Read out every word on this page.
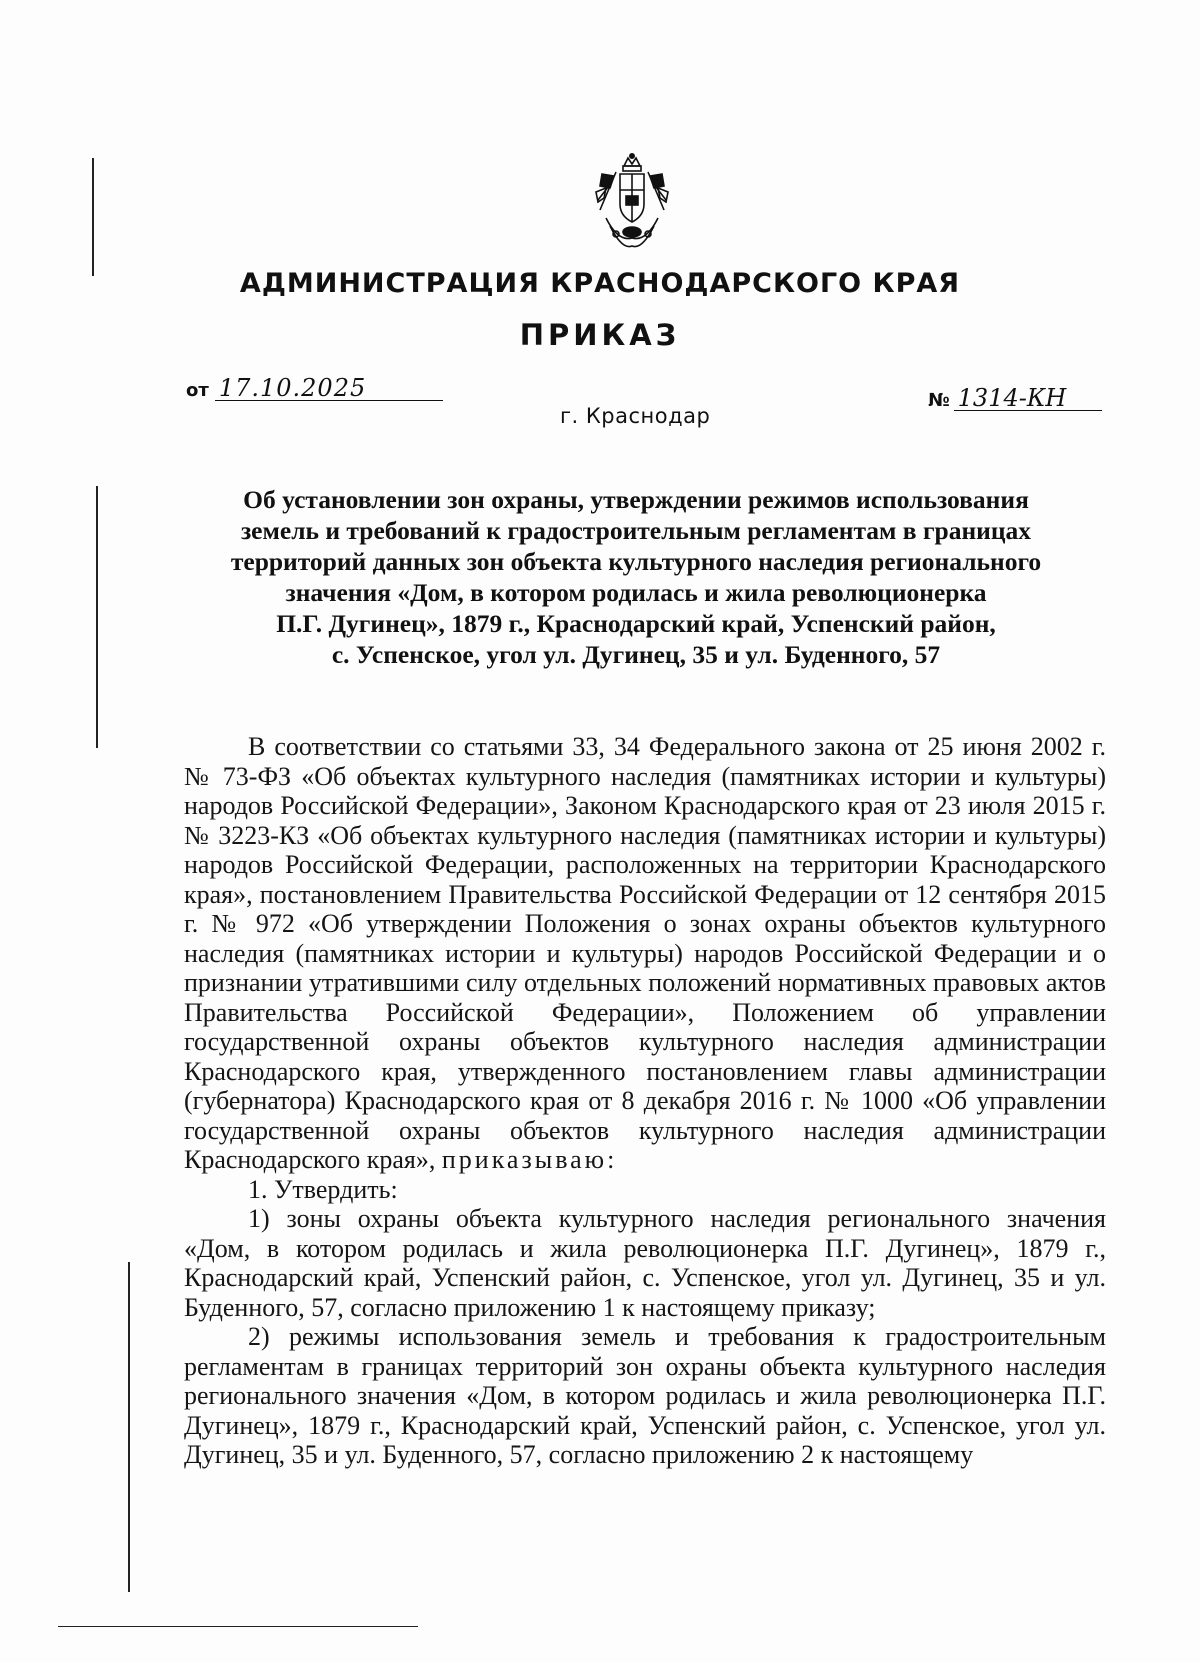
АДМИНИСТРАЦИЯ КРАСНОДАРСКОГО КРАЯ
ПРИКАЗ
от 17.10.2025	№ 1314-КН
г. Краснодар
Об установлении зон охраны, утверждении режимов использования
земель и требований к градостроительным регламентам в границах
территорий данных зон объекта культурного наследия регионального
значения «Дом, в котором родилась и жила революционерка
П.Г. Дугинец», 1879 г., Краснодарский край, Успенский район,
с. Успенское, угол ул. Дугинец, 35 и ул. Буденного, 57

В соответствии со статьями 33, 34 Федерального закона от 25 июня 2002 г. № 73-ФЗ «Об объектах культурного наследия (памятниках истории и культуры) народов Российской Федерации», Законом Краснодарского края от 23 июля 2015 г. № 3223-КЗ «Об объектах культурного наследия (памятниках истории и культуры) народов Российской Федерации, расположенных на территории Краснодарского края», постановлением Правительства Российской Федерации от 12 сентября 2015 г. № 972 «Об утверждении Положения о зонах охраны объектов культурного наследия (памятниках истории и культуры) народов Российской Федерации и о признании утратившими силу отдельных положений нормативных правовых актов Правительства Российской Федерации», Положением об управлении государственной охраны объектов культурного наследия администрации Краснодарского края, утвержденного постановлением главы администрации (губернатора) Краснодарского края от 8 декабря 2016 г. № 1000 «Об управлении государственной охраны объектов культурного наследия администрации Краснодарского края», приказываю:

1. Утвердить:

1) зоны охраны объекта культурного наследия регионального значения «Дом, в котором родилась и жила революционерка П.Г. Дугинец», 1879 г., Краснодарский край, Успенский район, с. Успенское, угол ул. Дугинец, 35 и ул. Буденного, 57, согласно приложению 1 к настоящему приказу;

2) режимы использования земель и требования к градостроительным регламентам в границах территорий зон охраны объекта культурного наследия регионального значения «Дом, в котором родилась и жила революционерка П.Г. Дугинец», 1879 г., Краснодарский край, Успенский район, с. Успенское, угол ул. Дугинец, 35 и ул. Буденного, 57, согласно приложению 2 к настоящему
